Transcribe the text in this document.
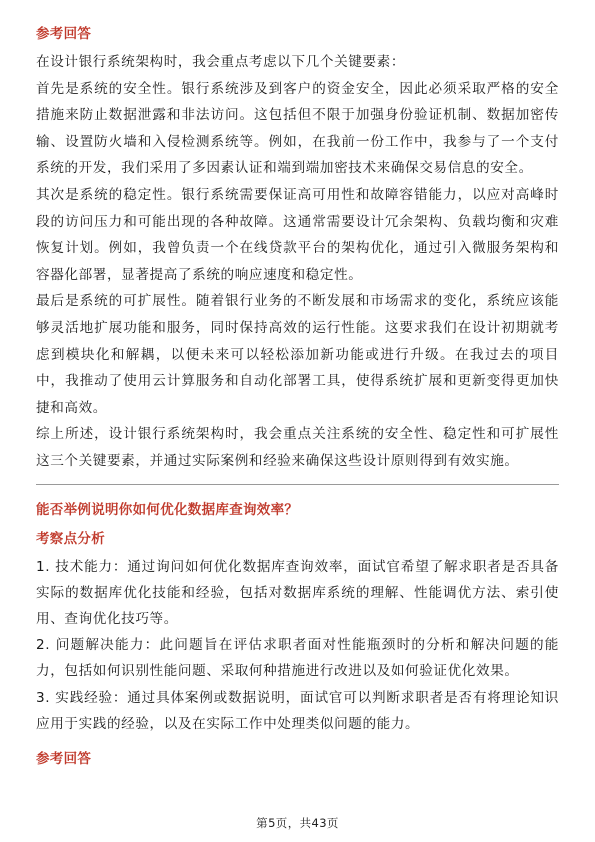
参考回答

在设计银行系统架构时，我会重点考虑以下几个关键要素：

首先是系统的安全性。银行系统涉及到客户的资金安全，因此必须采取严格的安全措施来防止数据泄露和非法访问。这包括但不限于加强身份验证机制、数据加密传输、设置防火墙和入侵检测系统等。例如，在我前一份工作中，我参与了一个支付系统的开发，我们采用了多因素认证和端到端加密技术来确保交易信息的安全。

其次是系统的稳定性。银行系统需要保证高可用性和故障容错能力，以应对高峰时段的访问压力和可能出现的各种故障。这通常需要设计冗余架构、负载均衡和灾难恢复计划。例如，我曾负责一个在线贷款平台的架构优化，通过引入微服务架构和容器化部署，显著提高了系统的响应速度和稳定性。

最后是系统的可扩展性。随着银行业务的不断发展和市场需求的变化，系统应该能够灵活地扩展功能和服务，同时保持高效的运行性能。这要求我们在设计初期就考虑到模块化和解耦，以便未来可以轻松添加新功能或进行升级。在我过去的项目中，我推动了使用云计算服务和自动化部署工具，使得系统扩展和更新变得更加快捷和高效。

综上所述，设计银行系统架构时，我会重点关注系统的安全性、稳定性和可扩展性这三个关键要素，并通过实际案例和经验来确保这些设计原则得到有效实施。

能否举例说明你如何优化数据库查询效率？
考察点分析

1. 技术能力：通过询问如何优化数据库查询效率，面试官希望了解求职者是否具备实际的数据库优化技能和经验，包括对数据库系统的理解、性能调优方法、索引使用、查询优化技巧等。

2. 问题解决能力：此问题旨在评估求职者面对性能瓶颈时的分析和解决问题的能力，包括如何识别性能问题、采取何种措施进行改进以及如何验证优化效果。

3. 实践经验：通过具体案例或数据说明，面试官可以判断求职者是否有将理论知识应用于实践的经验，以及在实际工作中处理类似问题的能力。

参考回答
第5页，共43页
